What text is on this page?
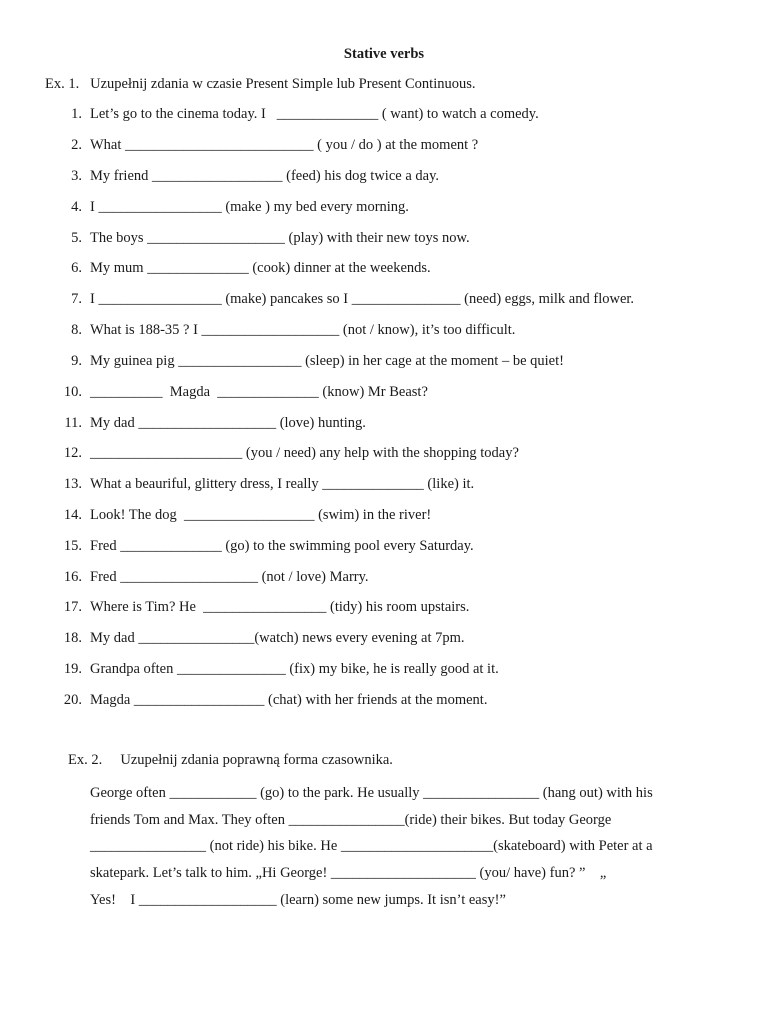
Stative verbs
Ex. 1.   Uzupełnij zdania w czasie Present Simple lub Present Continuous.
1. Let’s go to the cinema today. I   ______________ ( want) to watch a comedy.
2. What __________________________ ( you / do ) at the moment ?
3. My friend __________________ (feed) his dog twice a day.
4. I _________________ (make ) my bed every morning.
5. The boys ___________________ (play) with their new toys now.
6. My mum ______________ (cook) dinner at the weekends.
7. I _________________ (make) pancakes so I _______________ (need) eggs, milk and flower.
8. What is 188-35 ? I ___________________ (not / know), it’s too difficult.
9. My guinea pig _________________ (sleep) in her cage at the moment – be quiet!
10. __________  Magda  ______________ (know) Mr Beast?
11. My dad ___________________ (love) hunting.
12. _____________________ (you / need) any help with the shopping today?
13. What a beauriful, glittery dress, I really ______________ (like) it.
14. Look! The dog  __________________ (swim) in the river!
15. Fred ______________ (go) to the swimming pool every Saturday.
16. Fred ___________________ (not / love) Marry.
17. Where is Tim? He  _________________ (tidy) his room upstairs.
18. My dad ________________(watch) news every evening at 7pm.
19. Grandpa often _______________ (fix) my bike, he is really good at it.
20. Magda __________________ (chat) with her friends at the moment.
Ex. 2.     Uzupełnij zdania poprawną forma czasownika.
George often ____________ (go) to the park. He usually ________________ (hang out) with his
friends Tom and Max. They often ________________(ride) their bikes. But today George
________________ (not ride) his bike. He _____________________(skateboard) with Peter at a
skatepark. Let’s talk to him. „Hi George! ____________________ (you/ have) fun? ”    „
Yes!    I ___________________ (learn) some new jumps. It isn’t easy!”
